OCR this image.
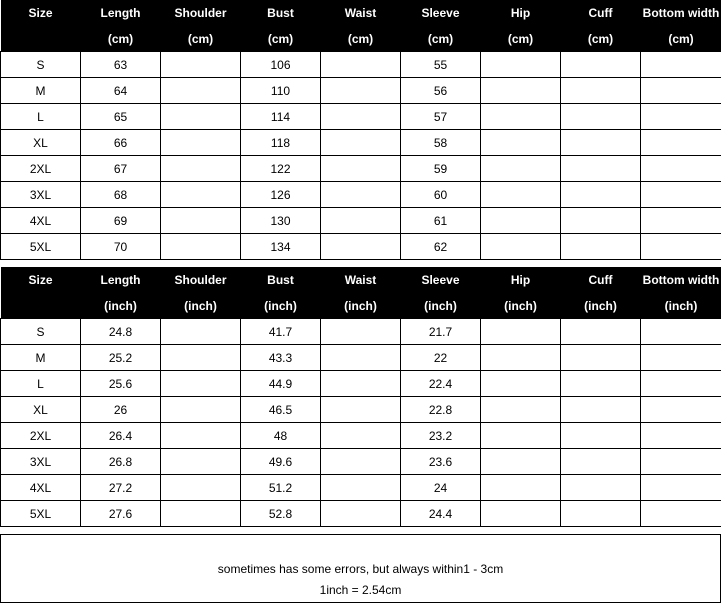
Size	Length	Shoulder	Bust	Waist	Sleeve	Hip	Cuff	Bottom width
	(cm)	(cm)	(cm)	(cm)	(cm)	(cm)	(cm)	(cm)
S	63		106		55			
M	64		110		56			
L	65		114		57			
XL	66		118		58			
2XL	67		122		59			
3XL	68		126		60			
4XL	69		130		61			
5XL	70		134		62			
Size	Length	Shoulder	Bust	Waist	Sleeve	Hip	Cuff	Bottom width
	(inch)	(inch)	(inch)	(inch)	(inch)	(inch)	(inch)	(inch)
S	24.8		41.7		21.7			
M	25.2		43.3		22			
L	25.6		44.9		22.4			
XL	26		46.5		22.8			
2XL	26.4		48		23.2			
3XL	26.8		49.6		23.6			
4XL	27.2		51.2		24			
5XL	27.6		52.8		24.4			
sometimes has some errors, but always within1 - 3cm
1inch = 2.54cm
